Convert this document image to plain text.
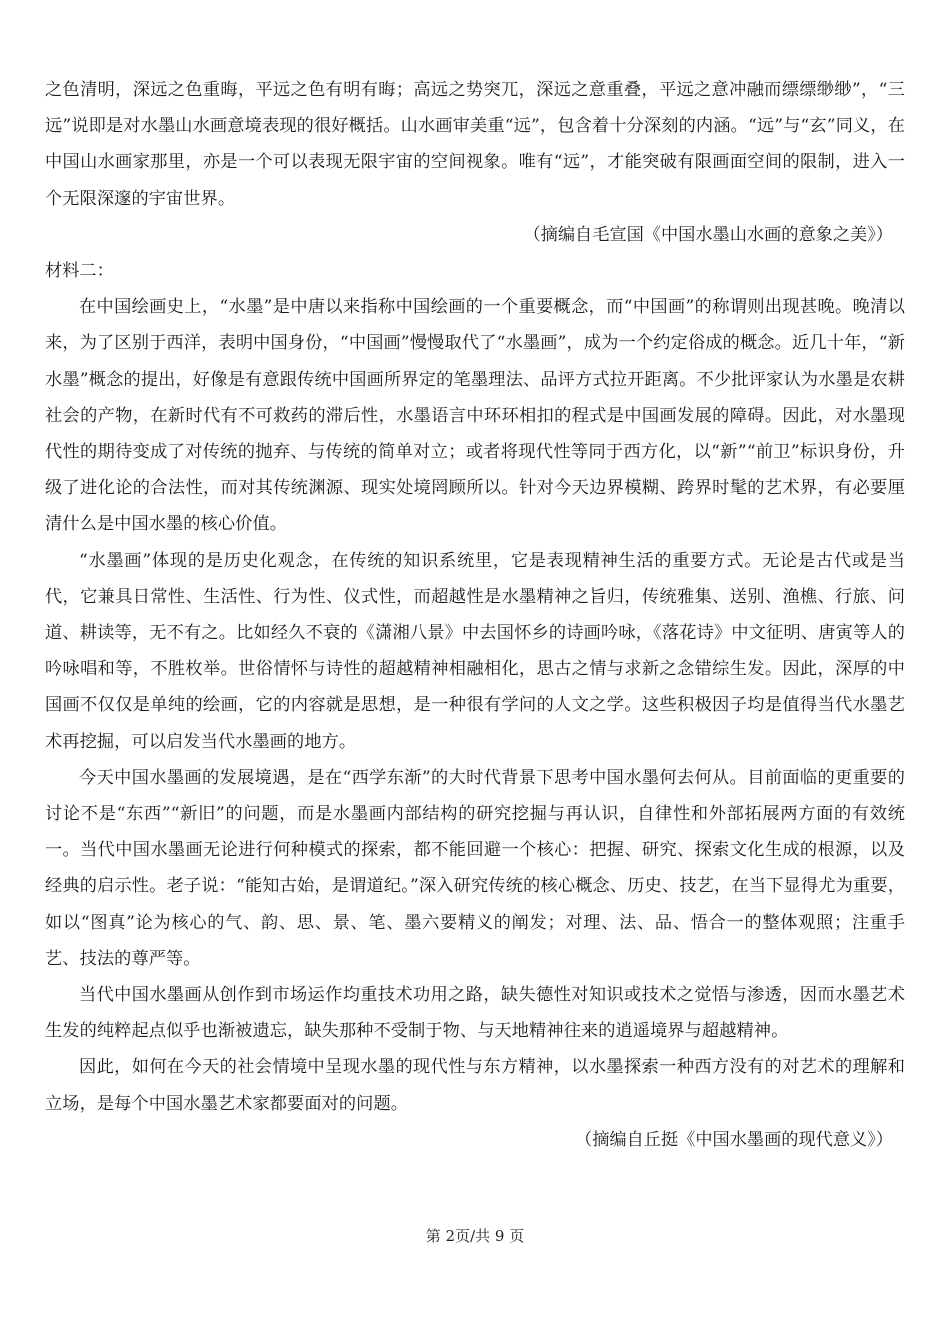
之色清明，深远之色重晦，平远之色有明有晦；高远之势突兀，深远之意重叠，平远之意冲融而缥缥缈缈”，“三远”说即是对水墨山水画意境表现的很好概括。山水画审美重“远”，包含着十分深刻的内涵。“远”与“玄”同义，在中国山水画家那里，亦是一个可以表现无限宇宙的空间视象。唯有“远”，才能突破有限画面空间的限制，进入一个无限深邃的宇宙世界。

（摘编自毛宣国《中国水墨山水画的意象之美》）

材料二：

在中国绘画史上，“水墨”是中唐以来指称中国绘画的一个重要概念，而“中国画”的称谓则出现甚晚。晚清以来，为了区别于西洋，表明中国身份，“中国画”慢慢取代了“水墨画”，成为一个约定俗成的概念。近几十年，“新水墨”概念的提出，好像是有意跟传统中国画所界定的笔墨理法、品评方式拉开距离。不少批评家认为水墨是农耕社会的产物，在新时代有不可救药的滞后性，水墨语言中环环相扣的程式是中国画发展的障碍。因此，对水墨现代性的期待变成了对传统的抛弃、与传统的简单对立；或者将现代性等同于西方化，以“新”“前卫”标识身份，升级了进化论的合法性，而对其传统渊源、现实处境罔顾所以。针对今天边界模糊、跨界时髦的艺术界，有必要厘清什么是中国水墨的核心价值。

“水墨画”体现的是历史化观念，在传统的知识系统里，它是表现精神生活的重要方式。无论是古代或是当代，它兼具日常性、生活性、行为性、仪式性，而超越性是水墨精神之旨归，传统雅集、送别、渔樵、行旅、问道、耕读等，无不有之。比如经久不衰的《潇湘八景》中去国怀乡的诗画吟咏，《落花诗》中文征明、唐寅等人的吟咏唱和等，不胜枚举。世俗情怀与诗性的超越精神相融相化，思古之情与求新之念错综生发。因此，深厚的中国画不仅仅是单纯的绘画，它的内容就是思想，是一种很有学问的人文之学。这些积极因子均是值得当代水墨艺术再挖掘，可以启发当代水墨画的地方。

今天中国水墨画的发展境遇，是在“西学东渐”的大时代背景下思考中国水墨何去何从。目前面临的更重要的讨论不是“东西”“新旧”的问题，而是水墨画内部结构的研究挖掘与再认识，自律性和外部拓展两方面的有效统一。当代中国水墨画无论进行何种模式的探索，都不能回避一个核心：把握、研究、探索文化生成的根源，以及经典的启示性。老子说：“能知古始，是谓道纪。”深入研究传统的核心概念、历史、技艺，在当下显得尤为重要，如以“图真”论为核心的气、韵、思、景、笔、墨六要精义的阐发；对理、法、品、悟合一的整体观照；注重手艺、技法的尊严等。

当代中国水墨画从创作到市场运作均重技术功用之路，缺失德性对知识或技术之觉悟与渗透，因而水墨艺术生发的纯粹起点似乎也渐被遗忘，缺失那种不受制于物、与天地精神往来的逍遥境界与超越精神。

因此，如何在今天的社会情境中呈现水墨的现代性与东方精神，以水墨探索一种西方没有的对艺术的理解和立场，是每个中国水墨艺术家都要面对的问题。

（摘编自丘挺《中国水墨画的现代意义》）

第 2页/共 9 页
